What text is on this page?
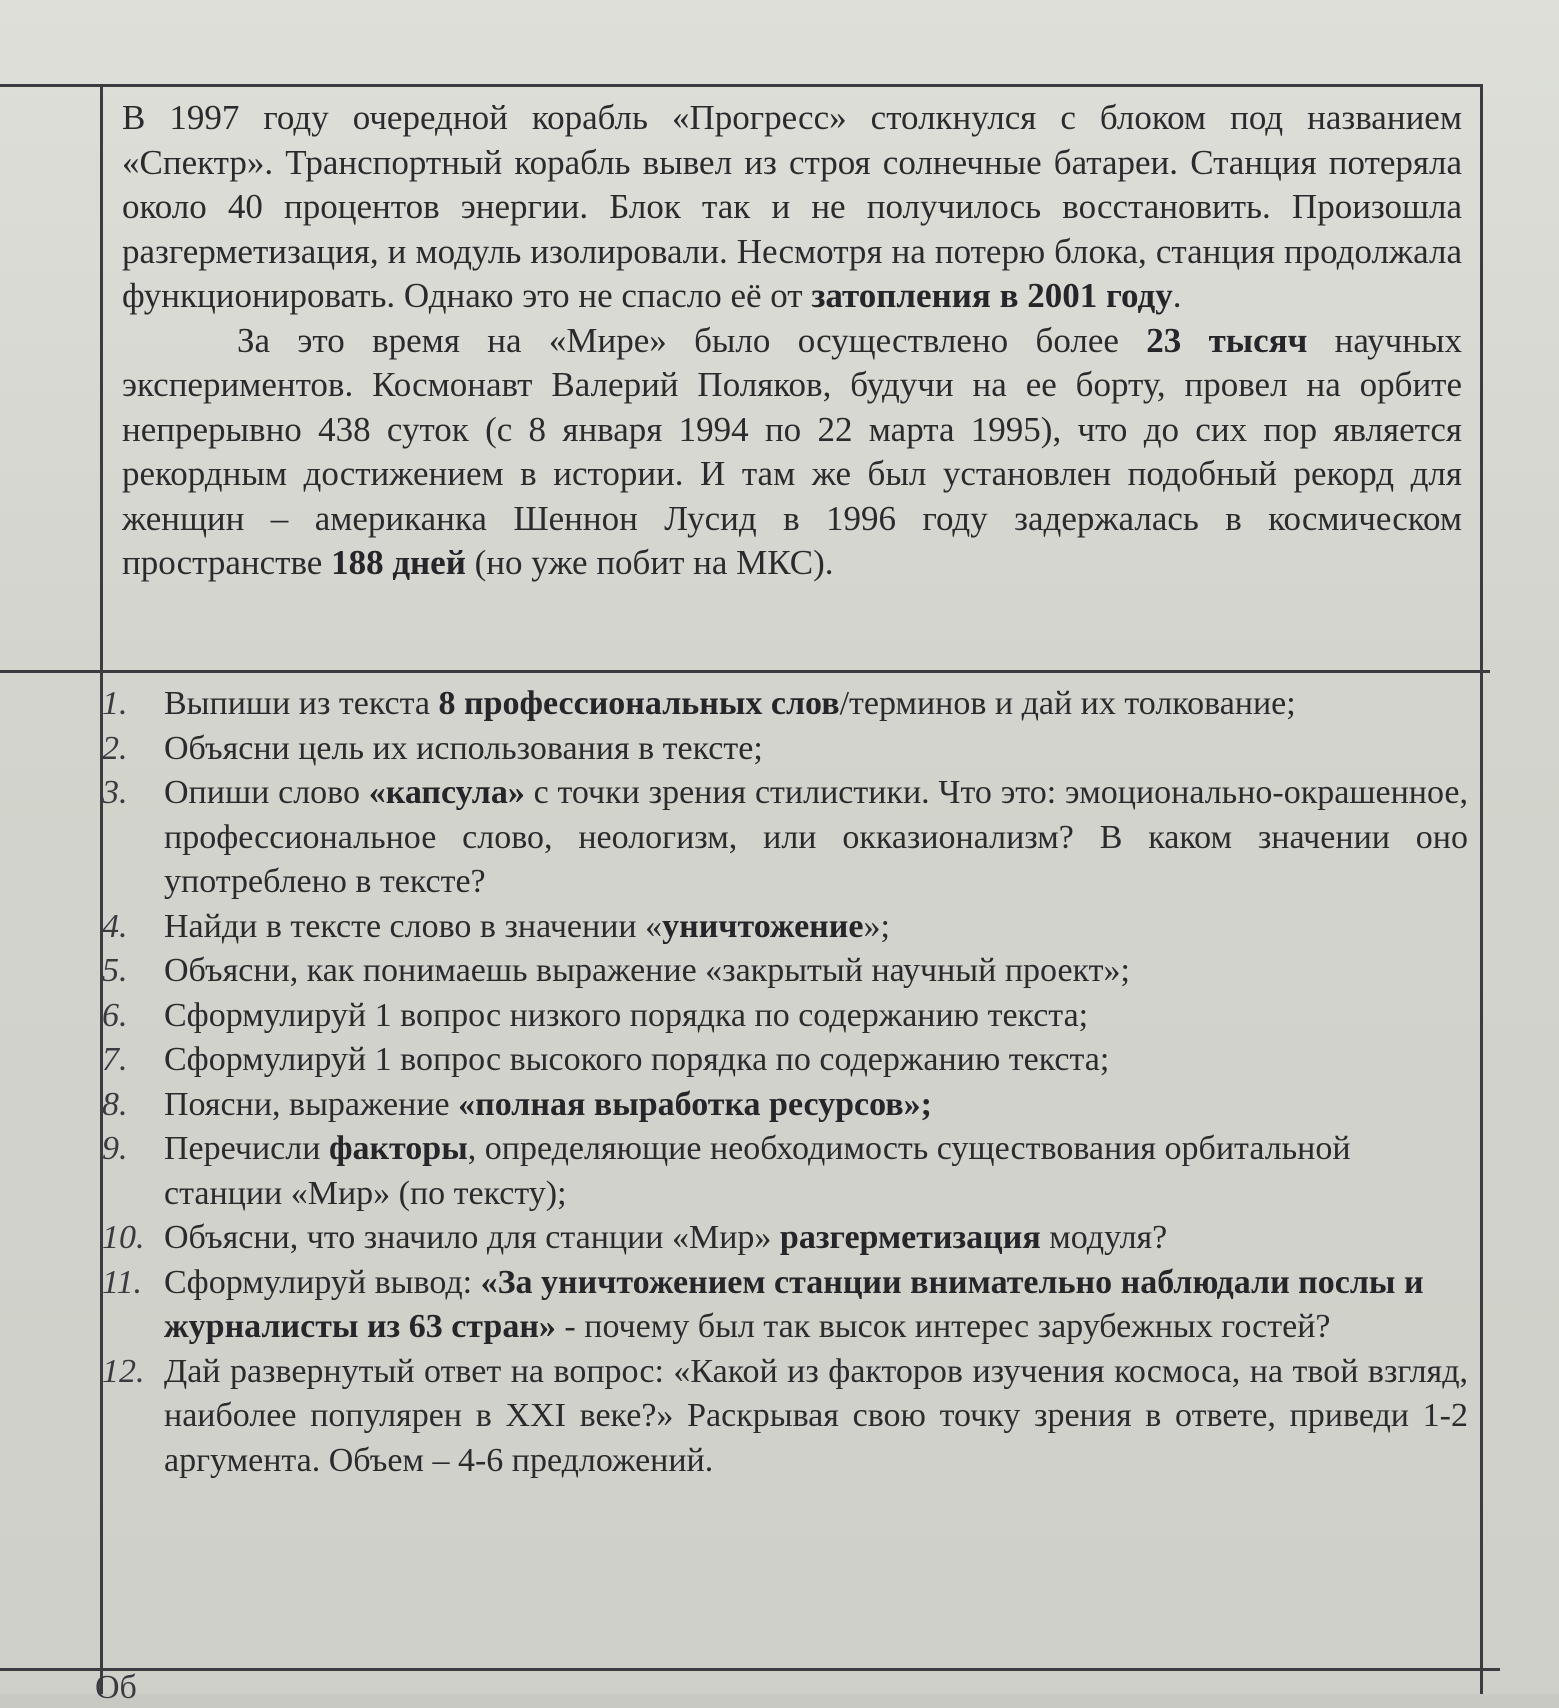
В 1997 году очередной корабль «Прогресс» столкнулся с блоком под названием «Спектр». Транспортный корабль вывел из строя солнечные батареи. Станция потеряла около 40 процентов энергии. Блок так и не получилось восстановить. Произошла разгерметизация, и модуль изолировали. Несмотря на потерю блока, станция продолжала функционировать. Однако это не спасло её от затопления в 2001 году.

За это время на «Мире» было осуществлено более 23 тысяч научных экспериментов. Космонавт Валерий Поляков, будучи на ее борту, провел на орбите непрерывно 438 суток (с 8 января 1994 по 22 марта 1995), что до сих пор является рекордным достижением в истории. И там же был установлен подобный рекорд для женщин – американка Шеннон Лусид в 1996 году задержалась в космическом пространстве 188 дней (но уже побит на МКС).

1. Выпиши из текста 8 профессиональных слов/терминов и дай их толкование;
2. Объясни цель их использования в тексте;
3. Опиши слово «капсула» с точки зрения стилистики. Что это: эмоционально-окрашенное, профессиональное слово, неологизм, или окказионализм? В каком значении оно употреблено в тексте?
4. Найди в тексте слово в значении «уничтожение»;
5. Объясни, как понимаешь выражение «закрытый научный проект»;
6. Сформулируй 1 вопрос низкого порядка по содержанию текста;
7. Сформулируй 1 вопрос высокого порядка по содержанию текста;
8. Поясни, выражение «полная выработка ресурсов»;
9. Перечисли факторы, определяющие необходимость существования орбитальной станции «Мир» (по тексту);
10. Объясни, что значило для станции «Мир» разгерметизация модуля?
11. Сформулируй вывод: «За уничтожением станции внимательно наблюдали послы и журналисты из 63 стран» - почему был так высок интерес зарубежных гостей?
12. Дай развернутый ответ на вопрос: «Какой из факторов изучения космоса, на твой взгляд, наиболее популярен в XXI веке?» Раскрывая свою точку зрения в ответе, приведи 1-2 аргумента. Объем – 4-6 предложений.
Об
